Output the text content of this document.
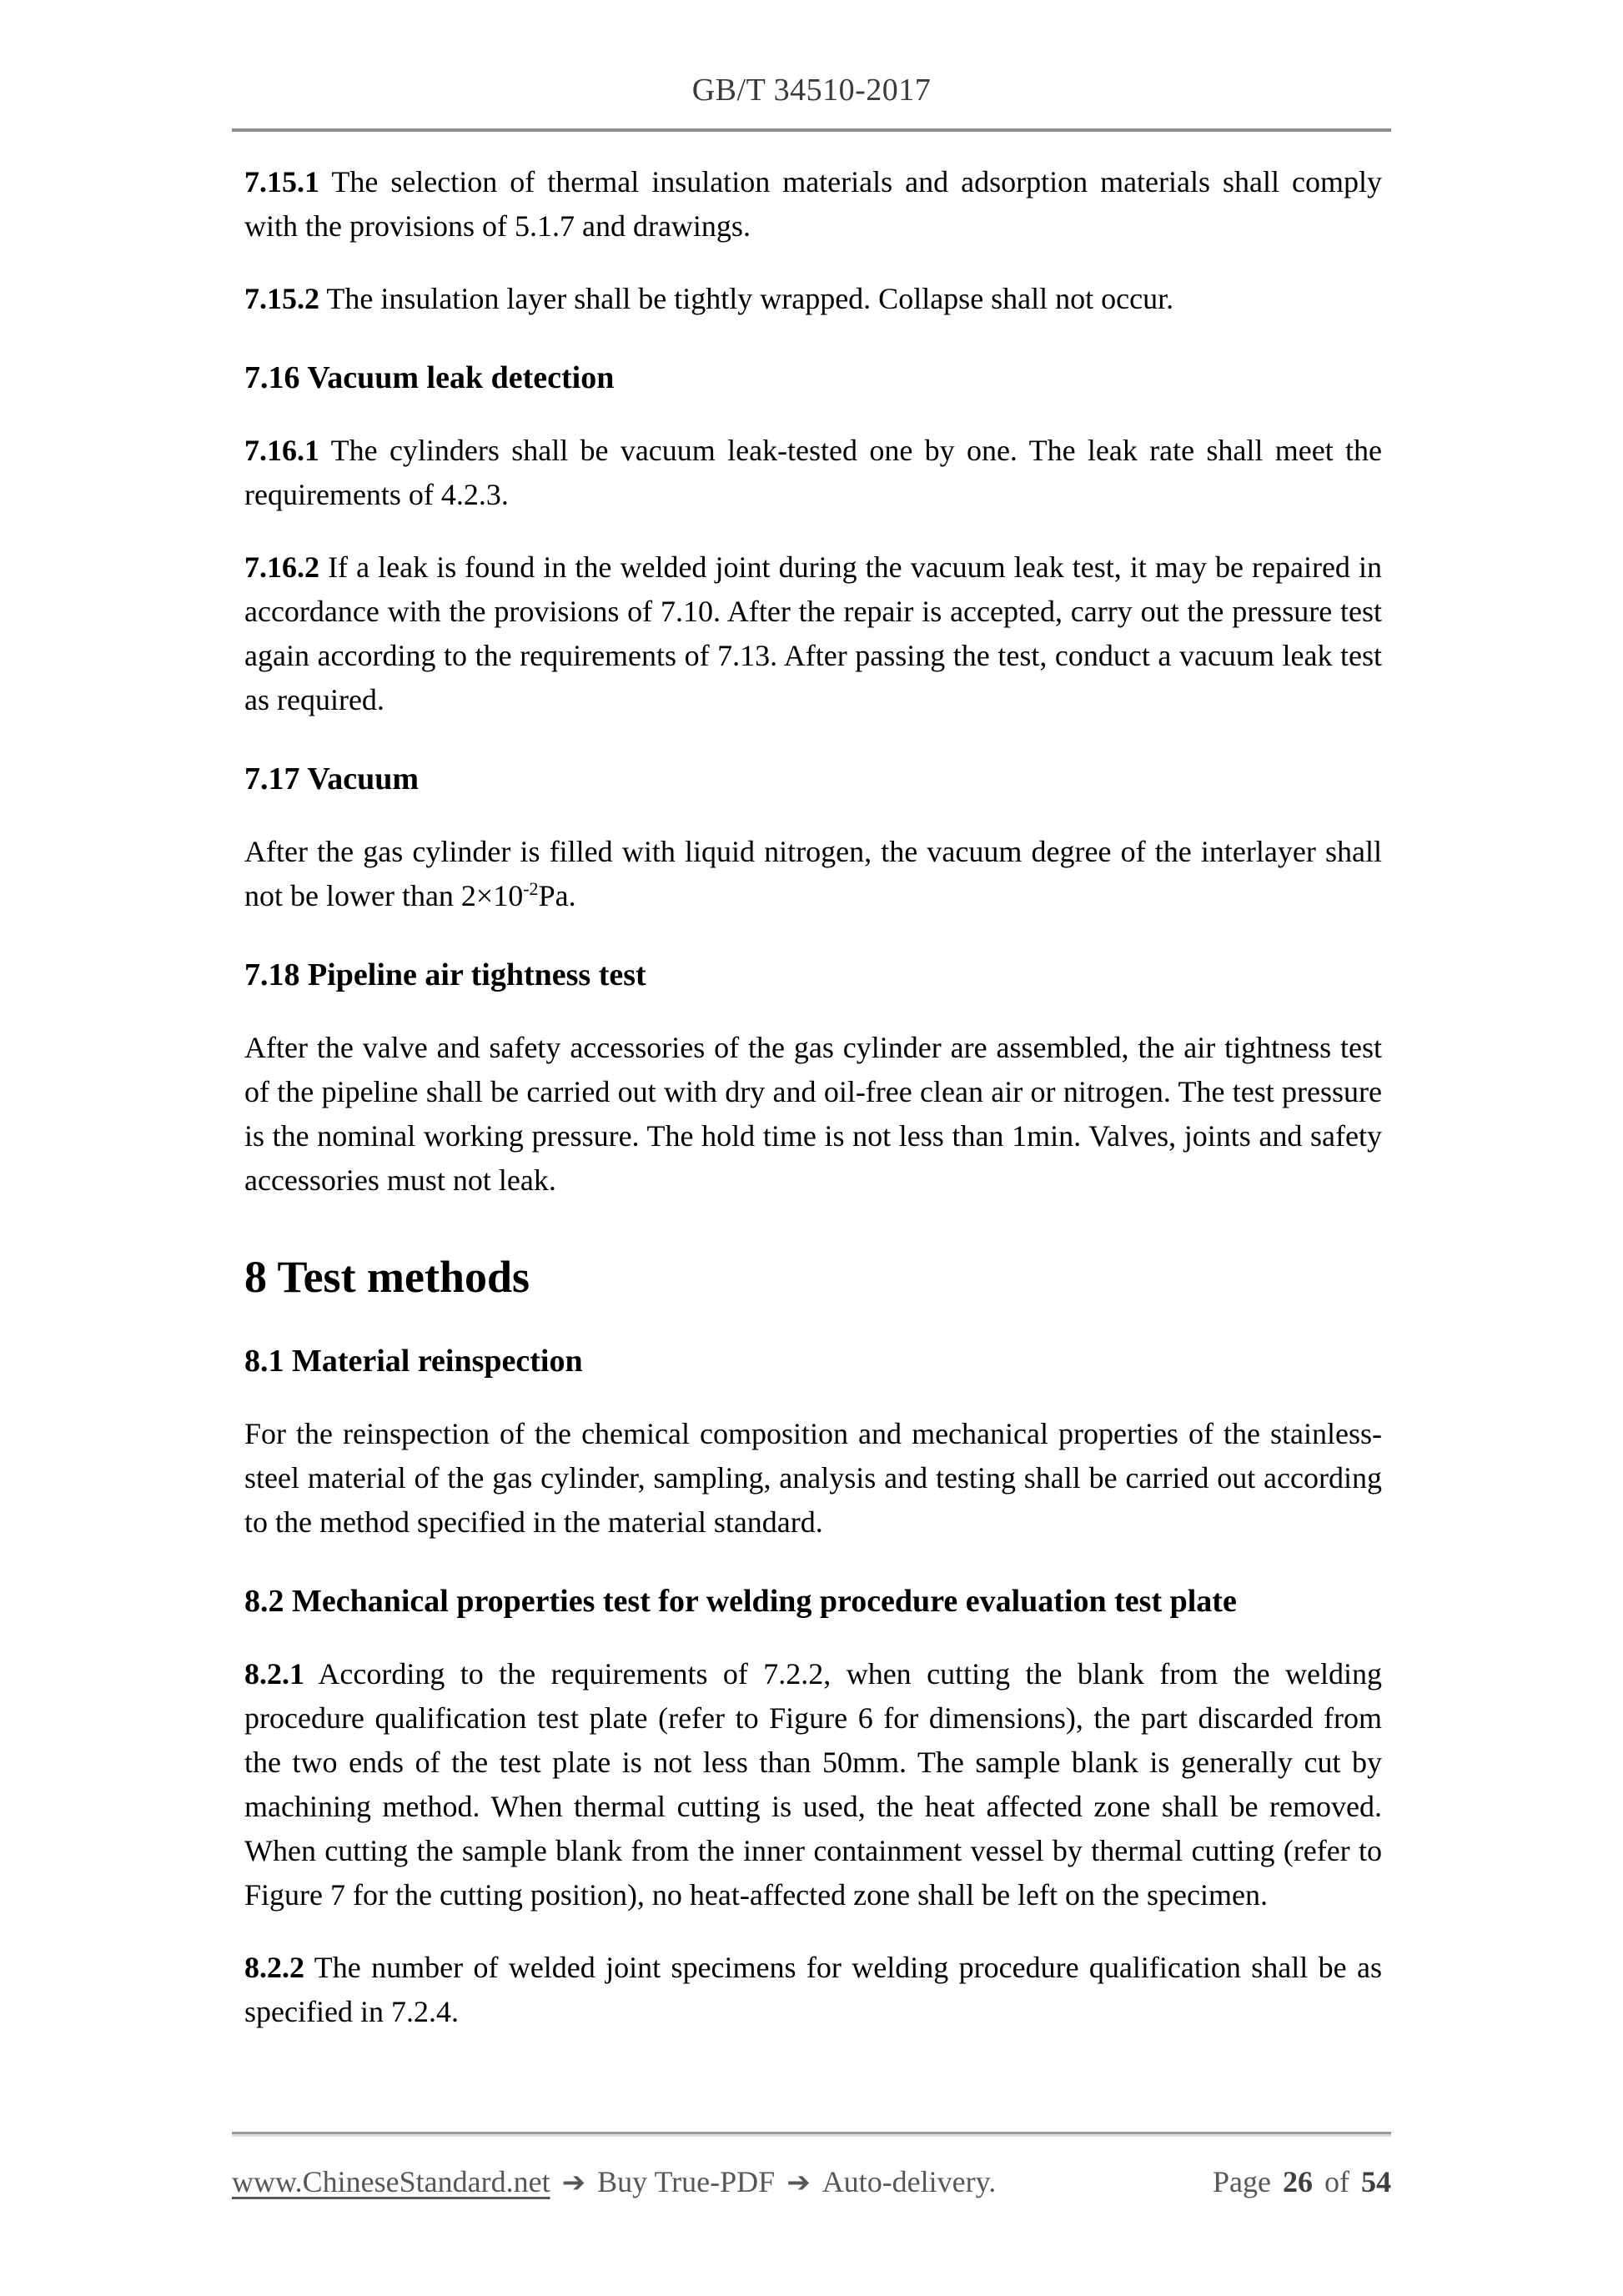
GB/T 34510-2017

7.15.1 The selection of thermal insulation materials and adsorption materials shall comply with the provisions of 5.1.7 and drawings.

7.15.2 The insulation layer shall be tightly wrapped. Collapse shall not occur.

7.16 Vacuum leak detection

7.16.1 The cylinders shall be vacuum leak-tested one by one. The leak rate shall meet the requirements of 4.2.3.

7.16.2 If a leak is found in the welded joint during the vacuum leak test, it may be repaired in accordance with the provisions of 7.10. After the repair is accepted, carry out the pressure test again according to the requirements of 7.13. After passing the test, conduct a vacuum leak test as required.

7.17 Vacuum

After the gas cylinder is filled with liquid nitrogen, the vacuum degree of the interlayer shall not be lower than $2\times 10^{-2}Pa$.

7.18 Pipeline air tightness test

After the valve and safety accessories of the gas cylinder are assembled, the air tightness test of the pipeline shall be carried out with dry and oil-free clean air or nitrogen. The test pressure is the nominal working pressure. The hold time is not less than 1min. Valves, joints and safety accessories must not leak.

8 Test methods
8.1 Material reinspection

For the reinspection of the chemical composition and mechanical properties of the stainless-steel material of the gas cylinder, sampling, analysis and testing shall be carried out according to the method specified in the material standard.

8.2 Mechanical properties test for welding procedure evaluation test plate

8.2.1 According to the requirements of 7.2.2, when cutting the blank from the welding procedure qualification test plate (refer to Figure 6 for dimensions), the part discarded from the two ends of the test plate is not less than 50mm. The sample blank is generally cut by machining method. When thermal cutting is used, the heat affected zone shall be removed. When cutting the sample blank from the inner containment vessel by thermal cutting (refer to Figure 7 for the cutting position), no heat-affected zone shall be left on the specimen.

8.2.2 The number of welded joint specimens for welding procedure qualification shall be as specified in 7.2.4.

www.ChineseStandard.net ➔ Buy True-PDF ➔ Auto-delivery.	Page 26 of 54
